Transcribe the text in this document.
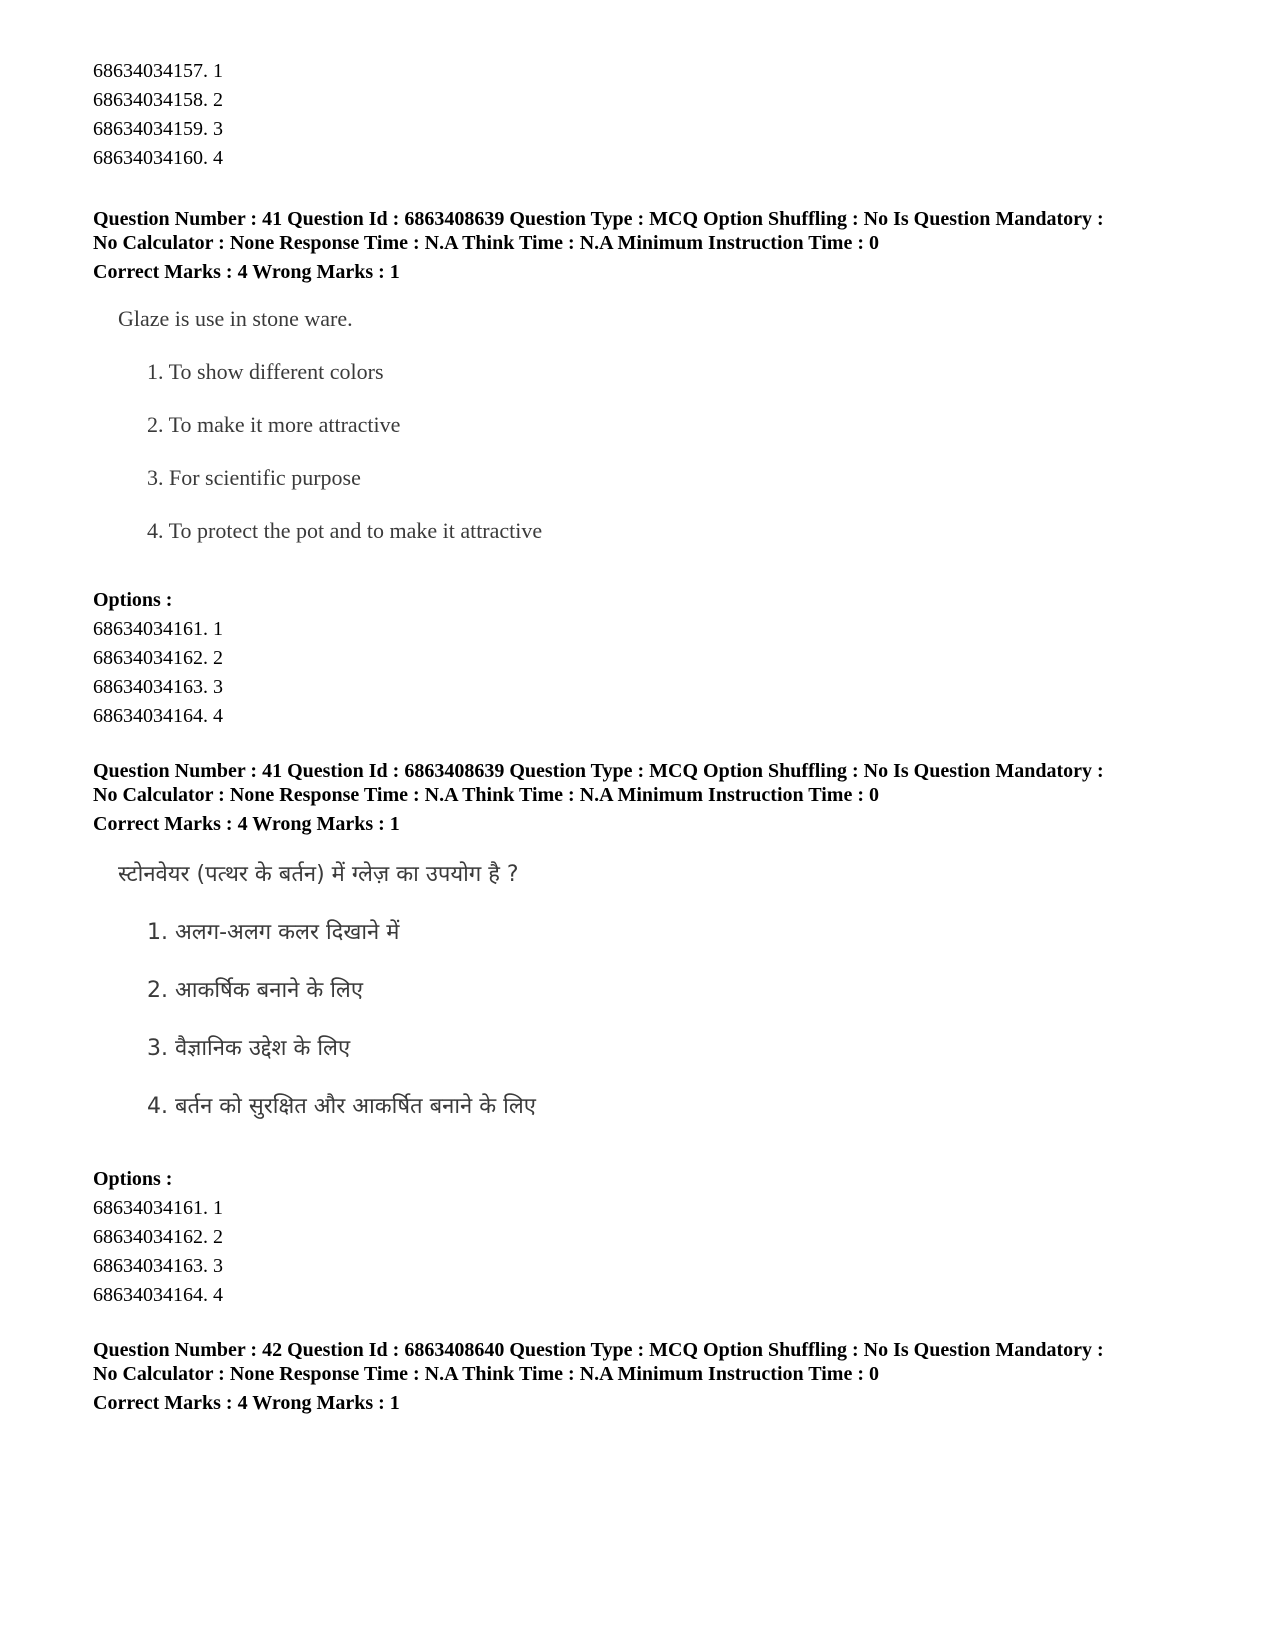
68634034157. 1
68634034158. 2
68634034159. 3
68634034160. 4
Question Number : 41 Question Id : 6863408639 Question Type : MCQ Option Shuffling : No Is Question Mandatory :
No Calculator : None Response Time : N.A Think Time : N.A Minimum Instruction Time : 0
Correct Marks : 4 Wrong Marks : 1
Glaze is use in stone ware.
1. To show different colors
2. To make it more attractive
3. For scientific purpose
4. To protect the pot and to make it attractive
Options :
68634034161. 1
68634034162. 2
68634034163. 3
68634034164. 4
Question Number : 41 Question Id : 6863408639 Question Type : MCQ Option Shuffling : No Is Question Mandatory :
No Calculator : None Response Time : N.A Think Time : N.A Minimum Instruction Time : 0
Correct Marks : 4 Wrong Marks : 1
स्टोनवेयर (पत्थर के बर्तन) में ग्लेज़ का उपयोग है ?
1. अलग-अलग कलर दिखाने में
2. आकर्षिक बनाने के लिए
3. वैज्ञानिक उद्देश के लिए
4. बर्तन को सुरक्षित और आकर्षित बनाने के लिए
Options :
68634034161. 1
68634034162. 2
68634034163. 3
68634034164. 4
Question Number : 42 Question Id : 6863408640 Question Type : MCQ Option Shuffling : No Is Question Mandatory :
No Calculator : None Response Time : N.A Think Time : N.A Minimum Instruction Time : 0
Correct Marks : 4 Wrong Marks : 1
